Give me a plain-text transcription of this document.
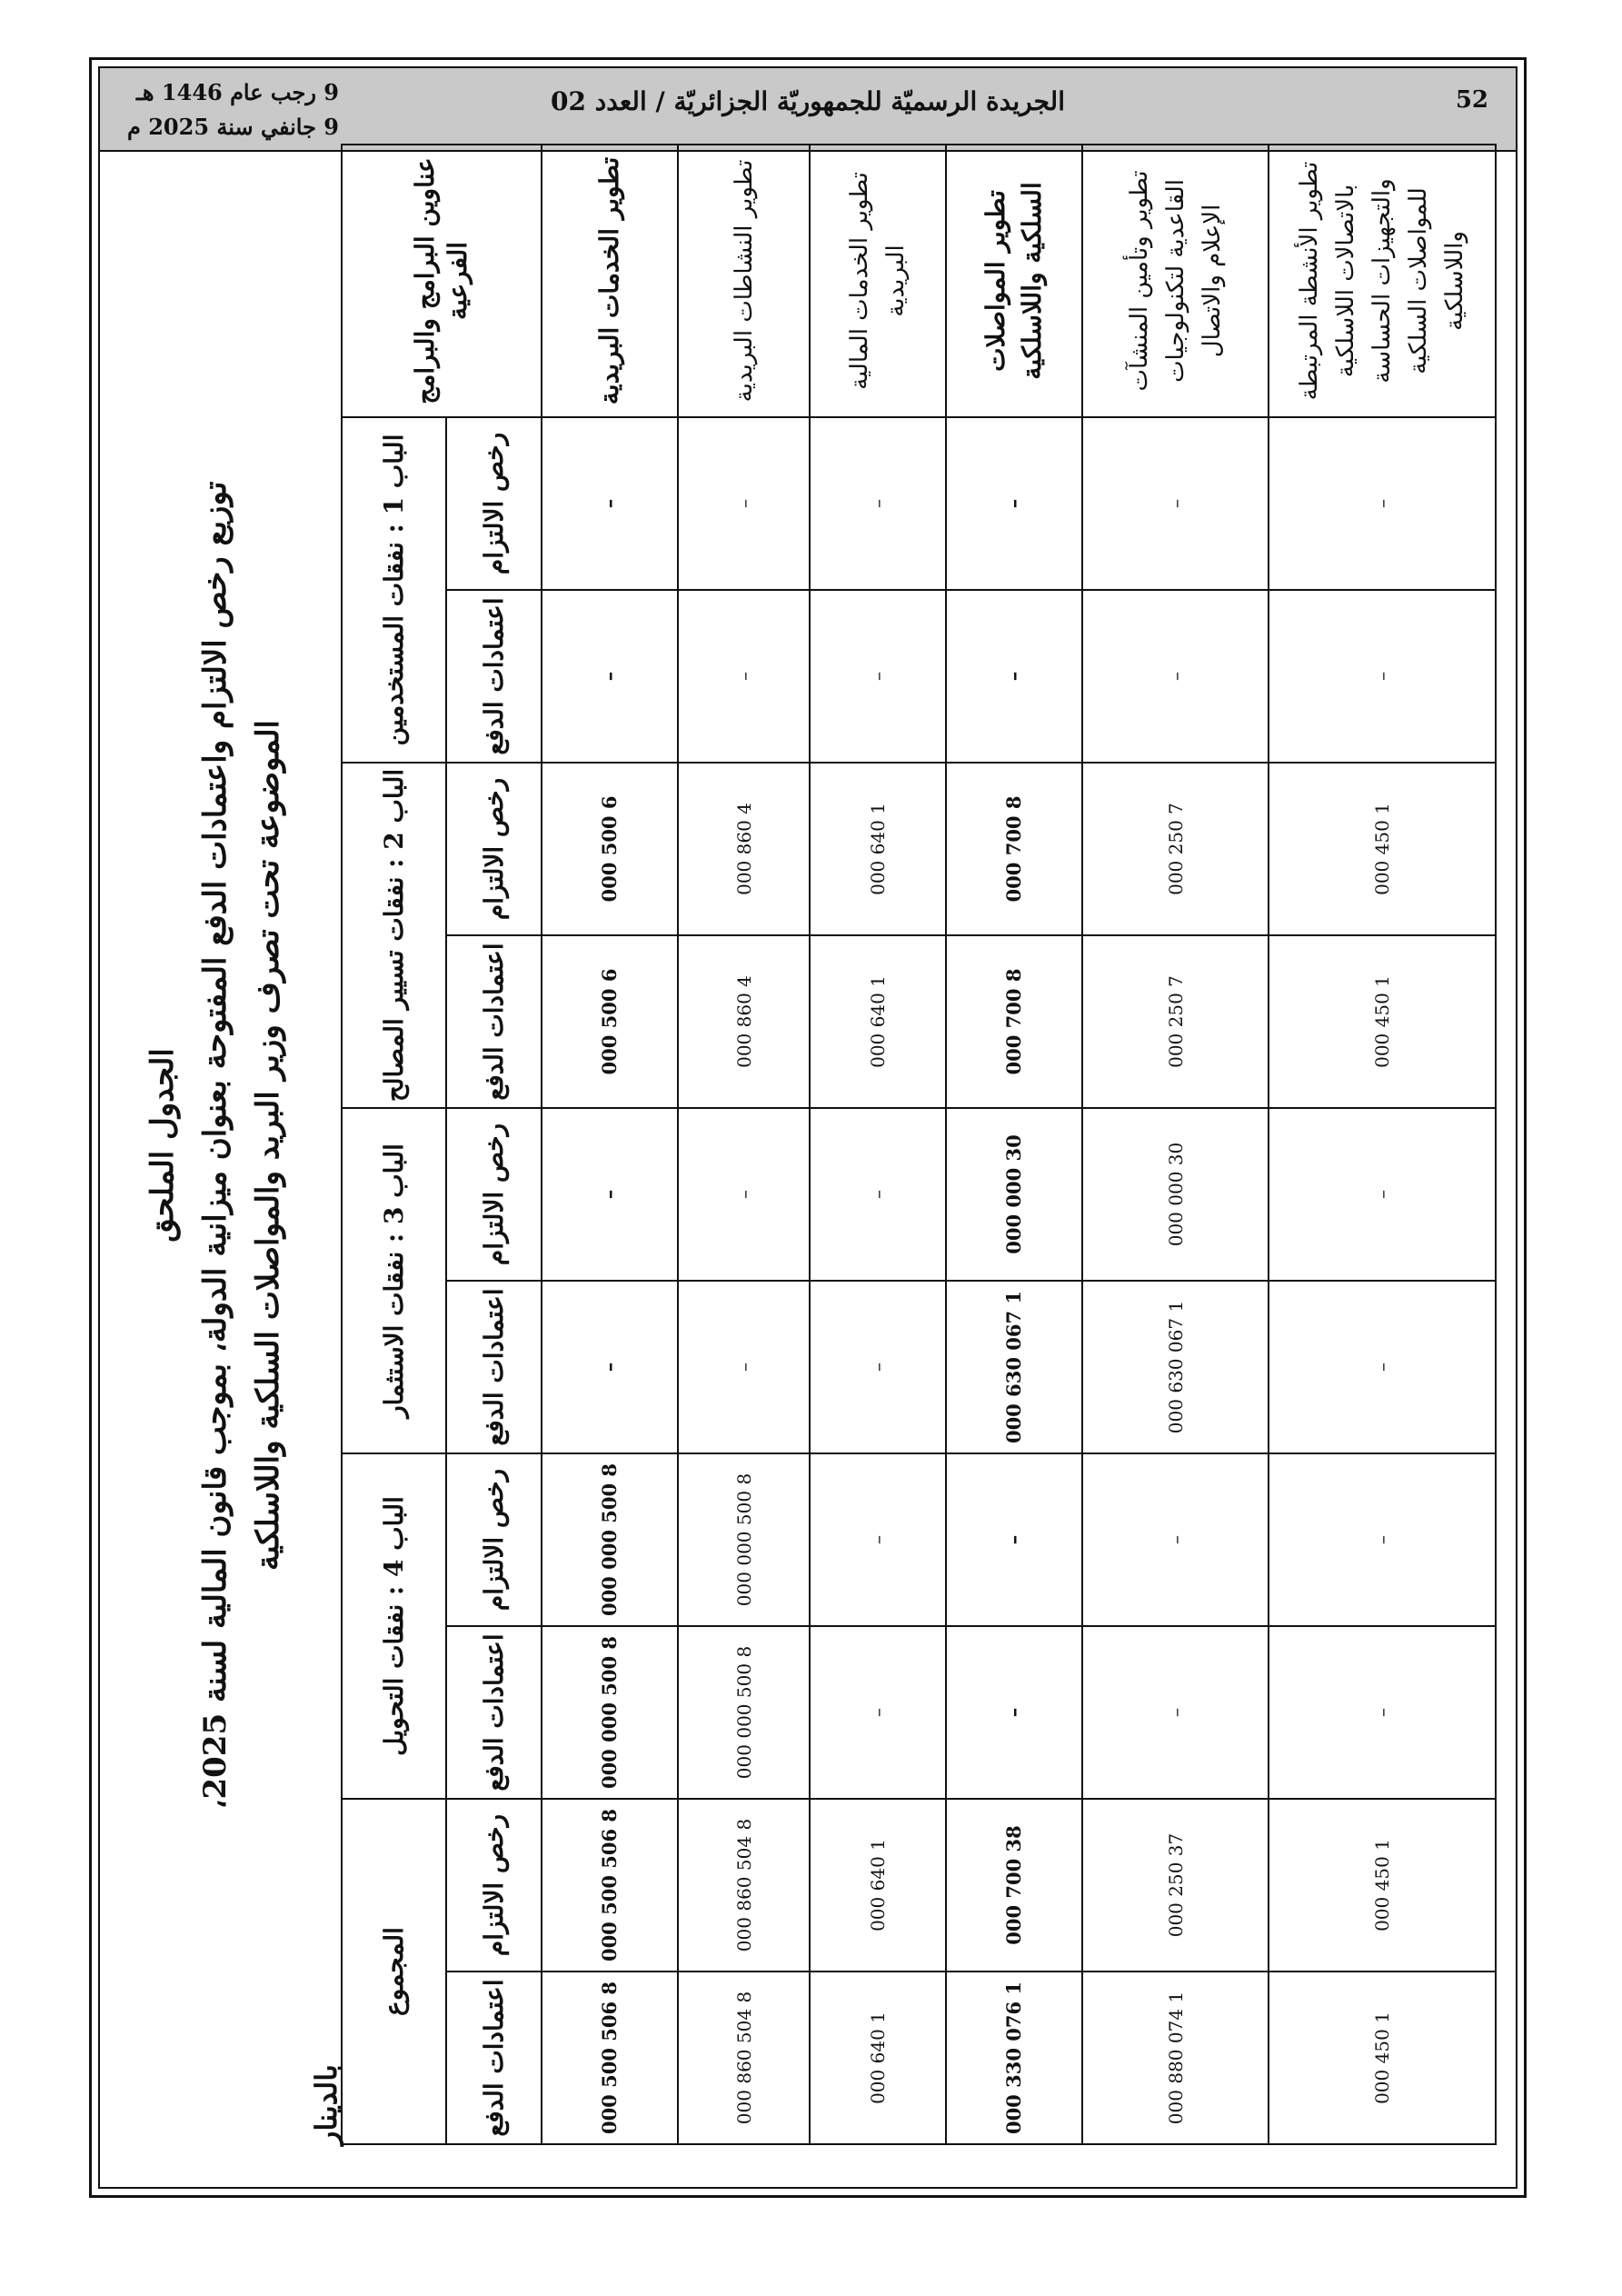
52
الجريدة الرسميّة للجمهوريّة الجزائريّة / العدد 02
9 رجب عام 1446 هـ
9 جانفي سنة 2025 م
الجدول الملحق
توزيع رخص الالتزام واعتمادات الدفع المفتوحة بعنوان ميزانية الدولة، بموجب قانون المالية لسنة 2025، الموضوعة تحت تصرف وزير البريد والمواصلات السلكية واللاسلكية
بالدينار
عناوين البرامج والبرامج الفرعية	الباب 1 : نفقات المستخدمين		الباب 2 : نفقات تسيير المصالح		الباب 3 : نفقات الاستثمار		الباب 4 : نفقات التحويل		المجموع	
	رخص الالتزام	اعتمادات الدفع	رخص الالتزام	اعتمادات الدفع	رخص الالتزام	اعتمادات الدفع	رخص الالتزام	اعتمادات الدفع	رخص الالتزام	اعتمادات الدفع
تطوير الخدمات البريدية	–	–	6 500 000	6 500 000	–	–	8 500 000 000	8 500 000 000	8 506 500 000	8 506 500 000
تطوير النشاطات البريدية	–	–	4 860 000	4 860 000	–	–	8 500 000 000	8 500 000 000	8 504 860 000	8 504 860 000
تطوير الخدمات المالية البريدية	–	–	1 640 000	1 640 000	–	–	–	–	1 640 000	1 640 000
تطوير المواصلات السلكية واللاسلكية	–	–	8 700 000	8 700 000	30 000 000	1 067 630 000	–	–	38 700 000	1 076 330 000
تطوير وتأمين المنشآت القاعدية لتكنولوجيات الإعلام والاتصال	–	–	7 250 000	7 250 000	30 000 000	1 067 630 000	–	–	37 250 000	1 074 880 000
تطوير الأنشطة المرتبطة بالاتصالات اللاسلكية والتجهيزات الحساسة للمواصلات السلكية واللاسلكية	–	–	1 450 000	1 450 000	–	–	–	–	1 450 000	1 450 000
